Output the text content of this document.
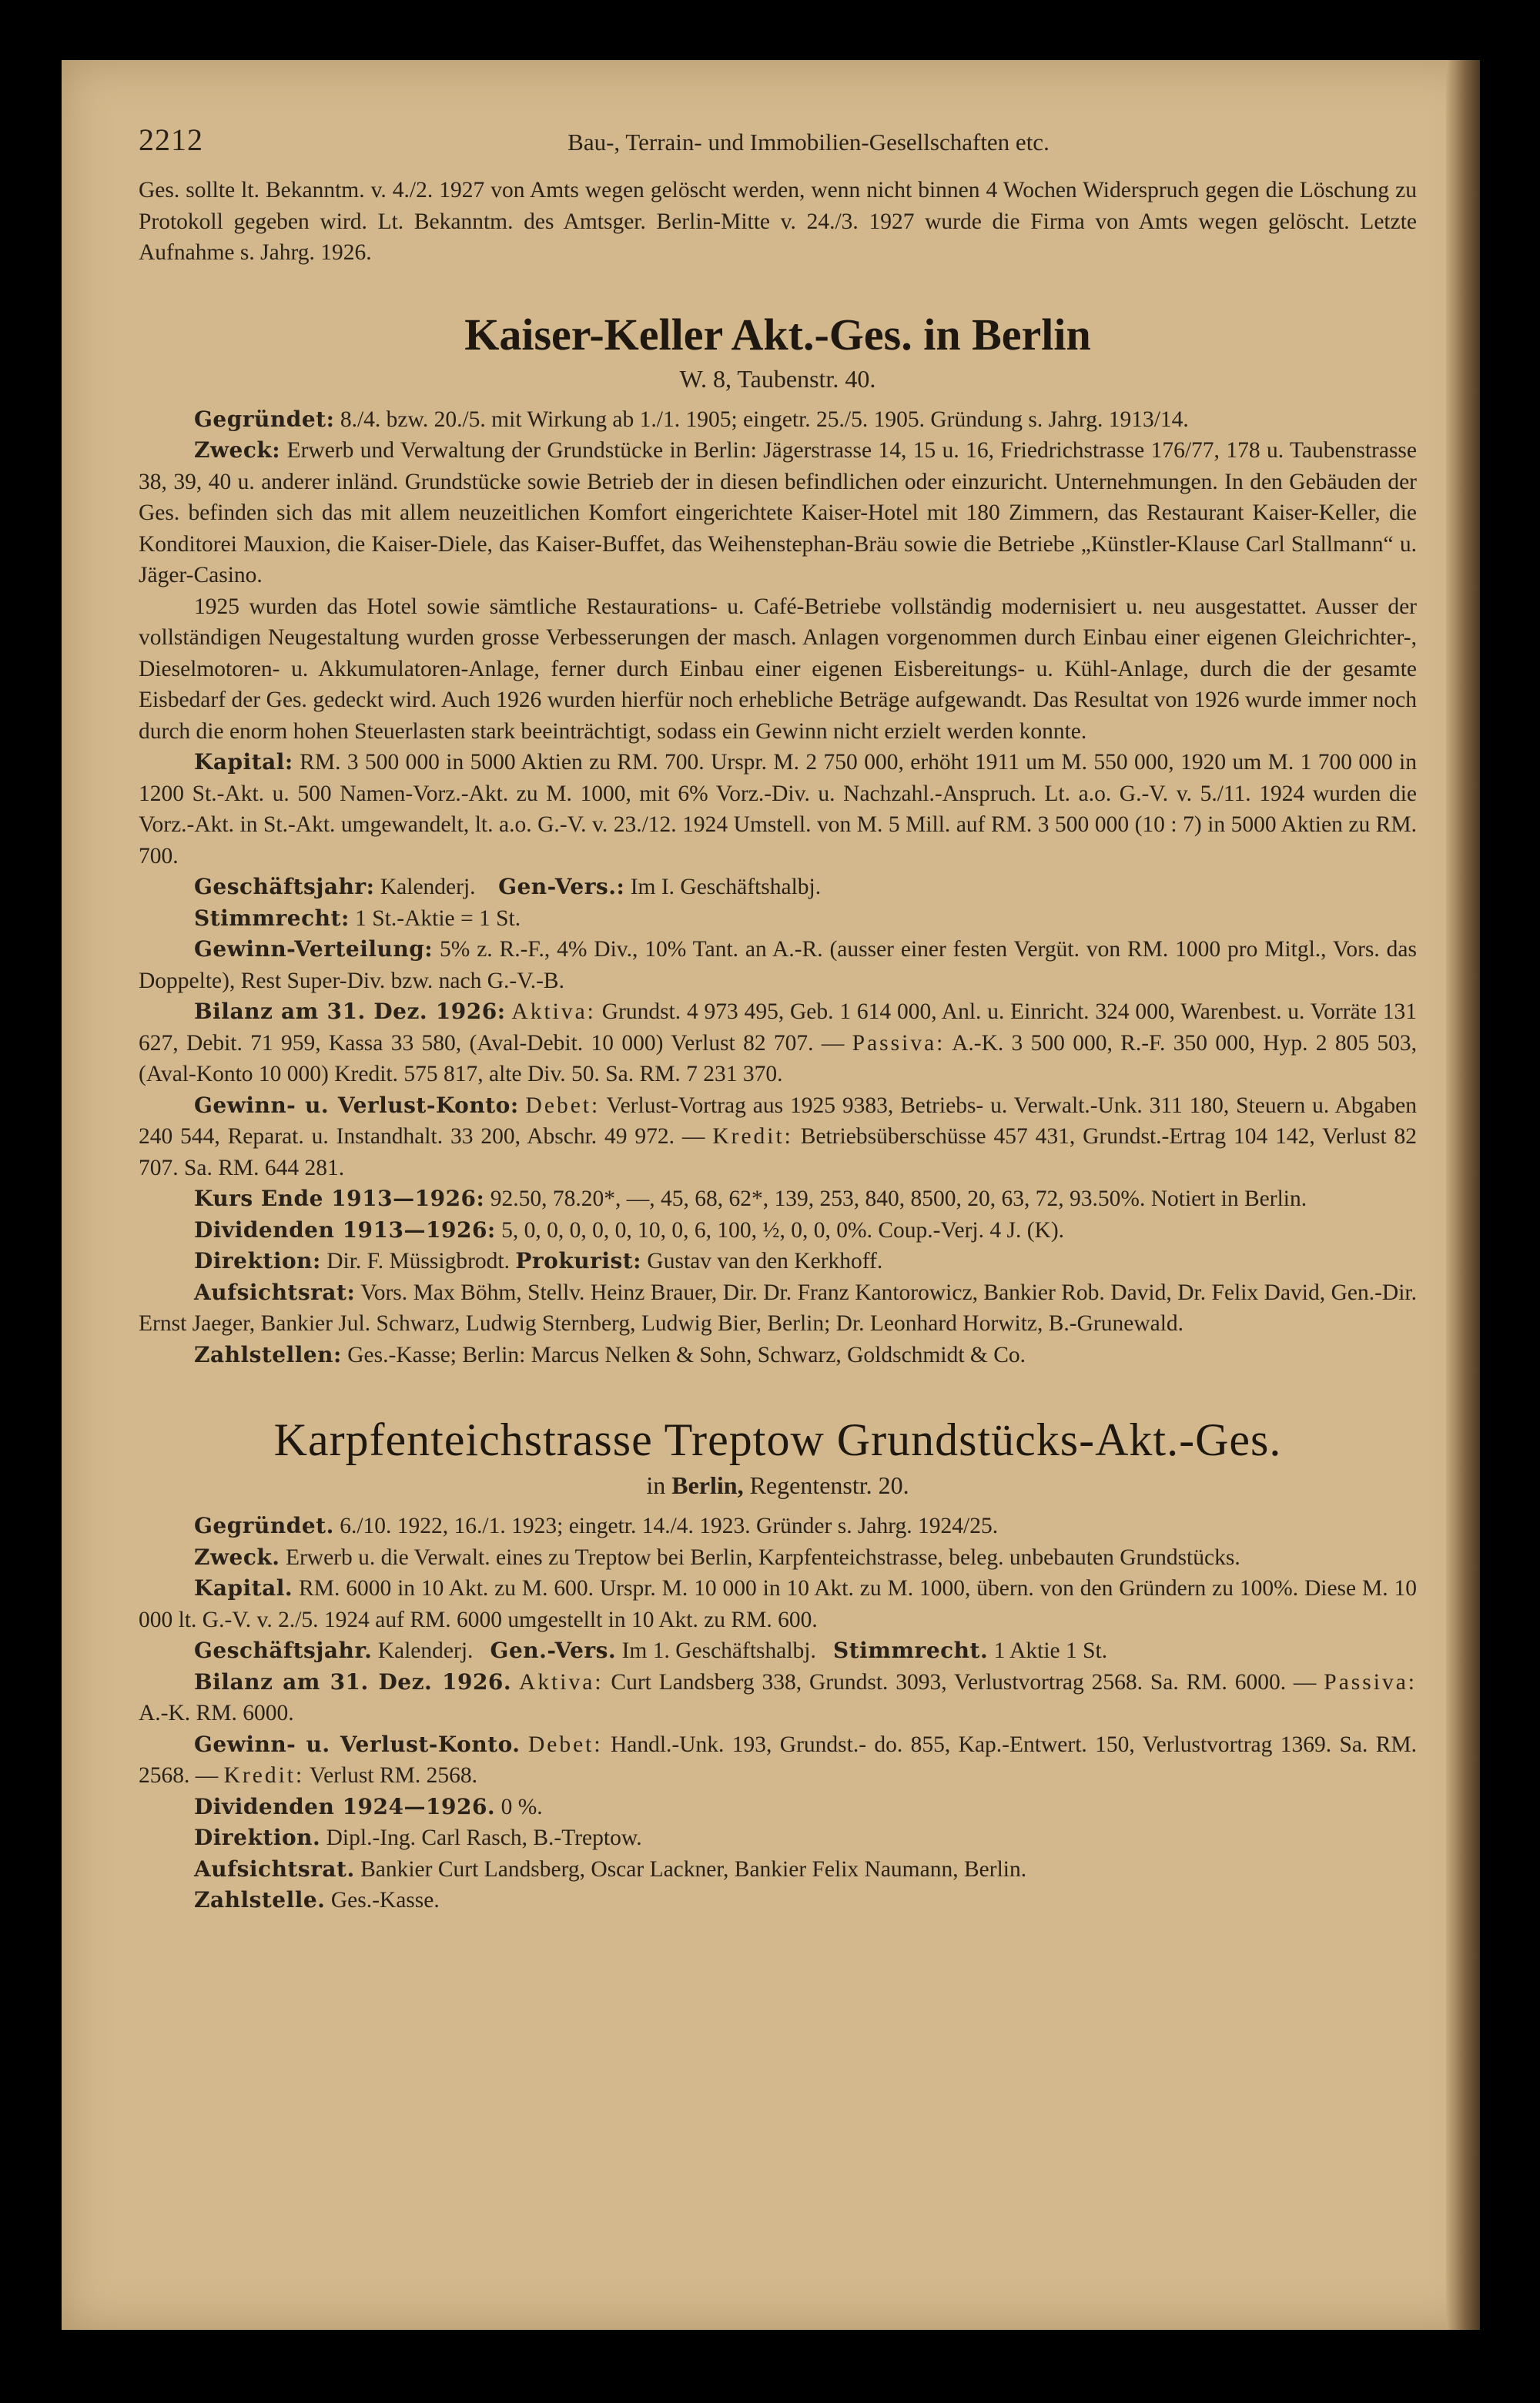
2212	Bau-, Terrain- und Immobilien-Gesellschaften etc.

Ges. sollte lt. Bekanntm. v. 4./2. 1927 von Amts wegen gelöscht werden, wenn nicht binnen 4 Wochen Widerspruch gegen die Löschung zu Protokoll gegeben wird. Lt. Bekanntm. des Amtsger. Berlin-Mitte v. 24./3. 1927 wurde die Firma von Amts wegen gelöscht. Letzte Aufnahme s. Jahrg. 1926.

Kaiser-Keller Akt.-Ges. in Berlin
W. 8, Taubenstr. 40.

Gegründet: 8./4. bzw. 20./5. mit Wirkung ab 1./1. 1905; eingetr. 25./5. 1905. Gründung s. Jahrg. 1913/14.

Zweck: Erwerb und Verwaltung der Grundstücke in Berlin: Jägerstrasse 14, 15 u. 16, Friedrichstrasse 176/77, 178 u. Taubenstrasse 38, 39, 40 u. anderer inländ. Grundstücke sowie Betrieb der in diesen befindlichen oder einzuricht. Unternehmungen. In den Gebäuden der Ges. befinden sich das mit allem neuzeitlichen Komfort eingerichtete Kaiser-Hotel mit 180 Zimmern, das Restaurant Kaiser-Keller, die Konditorei Mauxion, die Kaiser-Diele, das Kaiser-Buffet, das Weihenstephan-Bräu sowie die Betriebe „Künstler-Klause Carl Stallmann“ u. Jäger-Casino.

1925 wurden das Hotel sowie sämtliche Restaurations- u. Café-Betriebe vollständig modernisiert u. neu ausgestattet. Ausser der vollständigen Neugestaltung wurden grosse Verbesserungen der masch. Anlagen vorgenommen durch Einbau einer eigenen Gleichrichter-, Dieselmotoren- u. Akkumulatoren-Anlage, ferner durch Einbau einer eigenen Eisbereitungs- u. Kühl-Anlage, durch die der gesamte Eisbedarf der Ges. gedeckt wird. Auch 1926 wurden hierfür noch erhebliche Beträge aufgewandt. Das Resultat von 1926 wurde immer noch durch die enorm hohen Steuerlasten stark beeinträchtigt, sodass ein Gewinn nicht erzielt werden konnte.

Kapital: RM. 3 500 000 in 5000 Aktien zu RM. 700. Urspr. M. 2 750 000, erhöht 1911 um M. 550 000, 1920 um M. 1 700 000 in 1200 St.-Akt. u. 500 Namen-Vorz.-Akt. zu M. 1000, mit 6% Vorz.-Div. u. Nachzahl.-Anspruch. Lt. a.o. G.-V. v. 5./11. 1924 wurden die Vorz.-Akt. in St.-Akt. umgewandelt, lt. a.o. G.-V. v. 23./12. 1924 Umstell. von M. 5 Mill. auf RM. 3 500 000 (10 : 7) in 5000 Aktien zu RM. 700.

Geschäftsjahr: Kalenderj. Gen-Vers.: Im I. Geschäftshalbj.

Stimmrecht: 1 St.-Aktie = 1 St.

Gewinn-Verteilung: 5% z. R.-F., 4% Div., 10% Tant. an A.-R. (ausser einer festen Vergüt. von RM. 1000 pro Mitgl., Vors. das Doppelte), Rest Super-Div. bzw. nach G.-V.-B.

Bilanz am 31. Dez. 1926: Aktiva: Grundst. 4 973 495, Geb. 1 614 000, Anl. u. Einricht. 324 000, Warenbest. u. Vorräte 131 627, Debit. 71 959, Kassa 33 580, (Aval-Debit. 10 000) Verlust 82 707. — Passiva: A.-K. 3 500 000, R.-F. 350 000, Hyp. 2 805 503, (Aval-Konto 10 000) Kredit. 575 817, alte Div. 50. Sa. RM. 7 231 370.

Gewinn- u. Verlust-Konto: Debet: Verlust-Vortrag aus 1925 9383, Betriebs- u. Verwalt.-Unk. 311 180, Steuern u. Abgaben 240 544, Reparat. u. Instandhalt. 33 200, Abschr. 49 972. — Kredit: Betriebsüberschüsse 457 431, Grundst.-Ertrag 104 142, Verlust 82 707. Sa. RM. 644 281.

Kurs Ende 1913—1926: 92.50, 78.20*, —, 45, 68, 62*, 139, 253, 840, 8500, 20, 63, 72, 93.50%. Notiert in Berlin.

Dividenden 1913—1926: 5, 0, 0, 0, 0, 0, 10, 0, 6, 100, ½, 0, 0, 0%. Coup.-Verj. 4 J. (K).

Direktion: Dir. F. Müssigbrodt. Prokurist: Gustav van den Kerkhoff.

Aufsichtsrat: Vors. Max Böhm, Stellv. Heinz Brauer, Dir. Dr. Franz Kantorowicz, Bankier Rob. David, Dr. Felix David, Gen.-Dir. Ernst Jaeger, Bankier Jul. Schwarz, Ludwig Sternberg, Ludwig Bier, Berlin; Dr. Leonhard Horwitz, B.-Grunewald.

Zahlstellen: Ges.-Kasse; Berlin: Marcus Nelken & Sohn, Schwarz, Goldschmidt & Co.

Karpfenteichstrasse Treptow Grundstücks-Akt.-Ges.
in Berlin, Regentenstr. 20.

Gegründet. 6./10. 1922, 16./1. 1923; eingetr. 14./4. 1923. Gründer s. Jahrg. 1924/25.

Zweck. Erwerb u. die Verwalt. eines zu Treptow bei Berlin, Karpfenteichstrasse, beleg. unbebauten Grundstücks.

Kapital. RM. 6000 in 10 Akt. zu M. 600. Urspr. M. 10 000 in 10 Akt. zu M. 1000, übern. von den Gründern zu 100%. Diese M. 10 000 lt. G.-V. v. 2./5. 1924 auf RM. 6000 umgestellt in 10 Akt. zu RM. 600.

Geschäftsjahr. Kalenderj. Gen.-Vers. Im 1. Geschäftshalbj. Stimmrecht. 1 Aktie 1 St.

Bilanz am 31. Dez. 1926. Aktiva: Curt Landsberg 338, Grundst. 3093, Verlustvortrag 2568. Sa. RM. 6000. — Passiva: A.-K. RM. 6000.

Gewinn- u. Verlust-Konto. Debet: Handl.-Unk. 193, Grundst.- do. 855, Kap.-Entwert. 150, Verlustvortrag 1369. Sa. RM. 2568. — Kredit: Verlust RM. 2568.

Dividenden 1924—1926. 0 %.

Direktion. Dipl.-Ing. Carl Rasch, B.-Treptow.

Aufsichtsrat. Bankier Curt Landsberg, Oscar Lackner, Bankier Felix Naumann, Berlin.

Zahlstelle. Ges.-Kasse.
